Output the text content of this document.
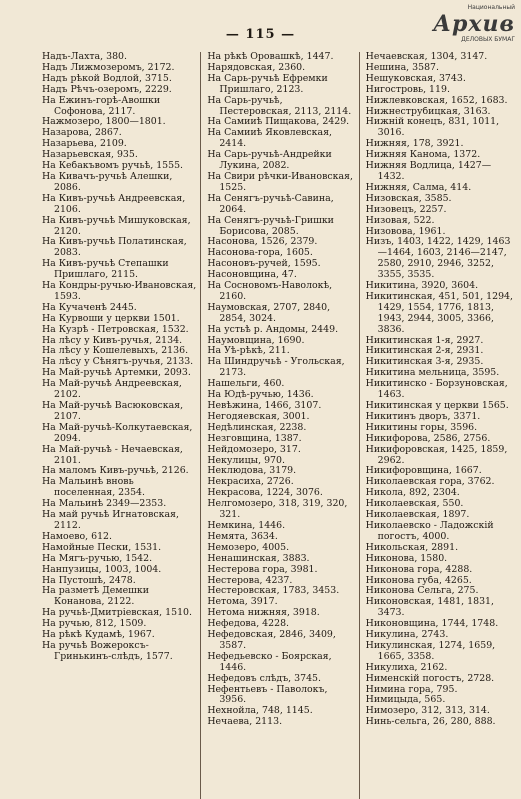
— 115 —
Национальный
Архив
ДЕЛОВЫХ БУМАГ
Надъ-Лахта, 380.
Надъ Лижмозеромъ, 2172.
Надъ рѣкой Водлой, 3715.
Надъ Рѣчъ-озеромъ, 2229.
На Ежинъ-горѣ-Авошки Софонова, 2117.
Нажмозеро, 1800—1801.
Назарова, 2867.
Назарьева, 2109.
Назарьевская, 935.
На Кебакъвомъ ручьѣ, 1555.
На Кивачъ-ручьѣ Алешки, 2086.
На Кивъ-ручьѣ Андреевская, 2106.
На Кивъ-ручьѣ Мишуковская, 2120.
На Кивъ-ручьѣ Полатинская, 2083.
На Кивъ-ручьѣ Степашки Пришлаго, 2115.
На Кондры-ручью-Ивановская, 1593.
На Кучаченѣ 2445.
На Курвоши у церкви 1501.
На Кузрѣ - Петровская, 1532.
На лѣсу у Кивъ-ручья, 2134.
На лѣсу у Кошелевыхъ, 2136.
На лѣсу у Сѣнягъ-ручья, 2133.
На Май-ручьѣ Артемки, 2093.
На Май-ручьѣ Андреевская, 2102.
На Май-ручьѣ Васюковская, 2107.
На Май-ручьѣ-Колкутаевская, 2094.
На Май-ручьѣ - Нечаевская, 2101.
На маломъ Кивъ-ручьѣ, 2126.
На Мальинѣ вновь поселенная, 2354.
На Мальинѣ 2349—2353.
На май ручьѣ Игнатовская, 2112.
Намоево, 612.
Намойные Пески, 1531.
На Мягъ-ручью, 1542.
Нанпузицы, 1003, 1004.
На Пустошѣ, 2478.
На разметѣ Демешки Конанова, 2122.
На ручьѣ-Дмитріевская, 1510.
На ручью, 812, 1509.
На рѣкѣ Кудамѣ, 1967.
На ручьѣ Вожероксъ-Гринькинъ-слѣдъ, 1577.
На рѣкѣ Оровашкѣ, 1447.
Нарядовская, 2360.
На Сарь-ручьѣ Ефремки Пришлаго, 2123.
На Сарь-ручьѣ, Пестеровская, 2113, 2114.
На Самииѣ Пищакова, 2429.
На Самииѣ Яковлевская, 2414.
На Сарь-ручьѣ-Андрейки Лукина, 2082.
На Свири рѣчки-Ивановская, 1525.
На Сенягъ-ручьѣ-Савина, 2064.
На Сенягъ-ручьѣ-Гришки Борисова, 2085.
Насонова, 1526, 2379.
Насонова-гора, 1605.
Насоновъ-ручей, 1595.
Насоновщина, 47.
На Сосновомъ-Наволокѣ, 2160.
Наумовская, 2707, 2840, 2854, 3024.
На устьѣ р. Андомы, 2449.
Наумовщина, 1690.
На Уѣ-рѣкѣ, 211.
На Шиндручьѣ - Угольская, 2173.
Нашельги, 460.
На Юдѣ-ручью, 1436.
Невѣжина, 1466, 3107.
Негодяевская, 3001.
Недѣлинская, 2238.
Незговщина, 1387.
Нейдомозеро, 317.
Некулицы, 970.
Неклюдова, 3179.
Некрасиха, 2726.
Некрасова, 1224, 3076.
Нелгомозеро, 318, 319, 320, 321.
Немкина, 1446.
Немята, 3634.
Немозеро, 4005.
Ненашинская, 3883.
Нестерова гора, 3981.
Нестерова, 4237.
Нестеровская, 1783, 3453.
Нетома, 3917.
Нетома нижняя, 3918.
Нефедова, 4228.
Нефедовская, 2846, 3409, 3587.
Нефедьевско - Боярская, 1446.
Нефедовъ слѣдъ, 3745.
Нефентьевъ - Паволокъ, 3956.
Нехнойла, 748, 1145.
Нечаева, 2113.
Нечаевская, 1304, 3147.
Нешина, 3587.
Нешуковская, 3743.
Нигостровь, 119.
Нижлевковская, 1652, 1683.
Нижнеструбицкая, 3163.
Нижній конецъ, 831, 1011, 3016.
Нижняя, 178, 3921.
Нижняя Канома, 1372.
Нижняя Водлица, 1427—1432.
Нижняя, Салма, 414.
Низовская, 3585.
Низовецъ, 2257.
Низовая, 522.
Низовова, 1961.
Низъ, 1403, 1422, 1429, 1463—1464, 1603, 2146—2147, 2580, 2910, 2946, 3252, 3355, 3535.
Никитина, 3920, 3604.
Никитинская, 451, 501, 1294, 1429, 1554, 1776, 1813, 1943, 2944, 3005, 3366, 3836.
Никитинская 1-я, 2927.
Никитинская 2-я, 2931.
Никитинская 3-я, 2935.
Никитина мельница, 3595.
Никитинско - Борзуновская, 1463.
Никитинская у церкви 1565.
Никитинъ дворъ, 3371.
Никитины горы, 3596.
Никифорова, 2586, 2756.
Никифоровская, 1425, 1859, 2962.
Никифоровщина, 1667.
Николаевская гора, 3762.
Никола, 892, 2304.
Николаевская, 550.
Николаевская, 1897.
Николаевско - Ладожскій погостъ, 4000.
Никольская, 2891.
Никонова, 1580.
Никонова гора, 4288.
Никонова губа, 4265.
Никонова Сельга, 275.
Никоновская, 1481, 1831, 3473.
Никоновщина, 1744, 1748.
Никулина, 2743.
Никулинская, 1274, 1659, 1665, 3358.
Никулиха, 2162.
Нименскій погостъ, 2728.
Нимина гора, 795.
Нимицыда, 565.
Нимозеро, 312, 313, 314.
Нинь-сельга, 26, 280, 888.
